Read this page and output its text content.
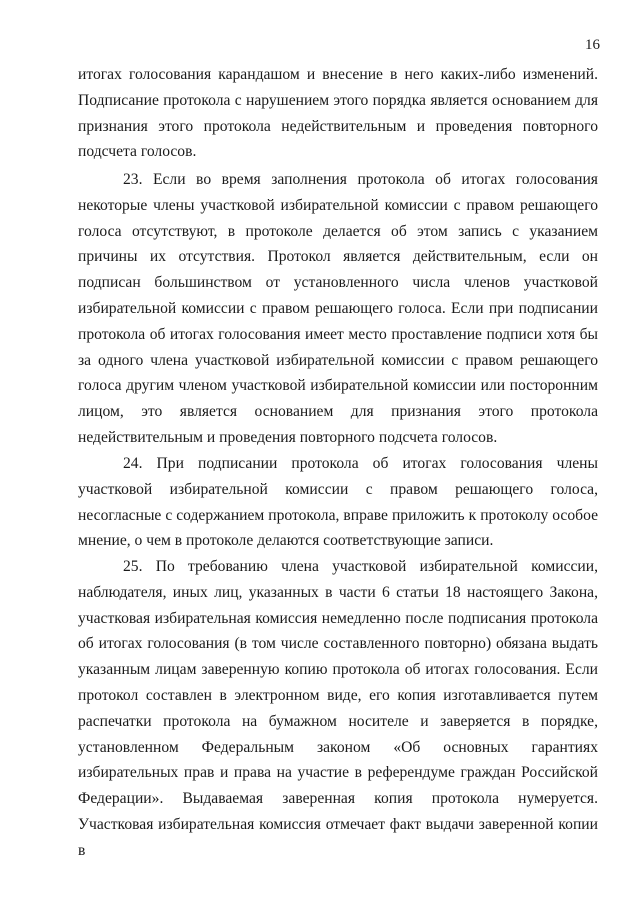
16

итогах голосования карандашом и внесение в него каких-либо изменений. Подписание протокола с нарушением этого порядка является основанием для признания этого протокола недействительным и проведения повторного подсчета голосов.

23. Если во время заполнения протокола об итогах голосования некоторые члены участковой избирательной комиссии с правом решающего голоса отсутствуют, в протоколе делается об этом запись с указанием причины их отсутствия. Протокол является действительным, если он подписан большинством от установленного числа членов участковой избирательной комиссии с правом решающего голоса. Если при подписании протокола об итогах голосования имеет место проставление подписи хотя бы за одного члена участковой избирательной комиссии с правом решающего голоса другим членом участковой избирательной комиссии или посторонним лицом, это является основанием для признания этого протокола недействительным и проведения повторного подсчета голосов.

24. При подписании протокола об итогах голосования члены участковой избирательной комиссии с правом решающего голоса, несогласные с содержанием протокола, вправе приложить к протоколу особое мнение, о чем в протоколе делаются соответствующие записи.

25. По требованию члена участковой избирательной комиссии, наблюдателя, иных лиц, указанных в части 6 статьи 18 настоящего Закона, участковая избирательная комиссия немедленно после подписания протокола об итогах голосования (в том числе составленного повторно) обязана выдать указанным лицам заверенную копию протокола об итогах голосования. Если протокол составлен в электронном виде, его копия изготавливается путем распечатки протокола на бумажном носителе и заверяется в порядке, установленном Федеральным законом «Об основных гарантиях избирательных прав и права на участие в референдуме граждан Российской Федерации». Выдаваемая заверенная копия протокола нумеруется. Участковая избирательная комиссия отмечает факт выдачи заверенной копии в
